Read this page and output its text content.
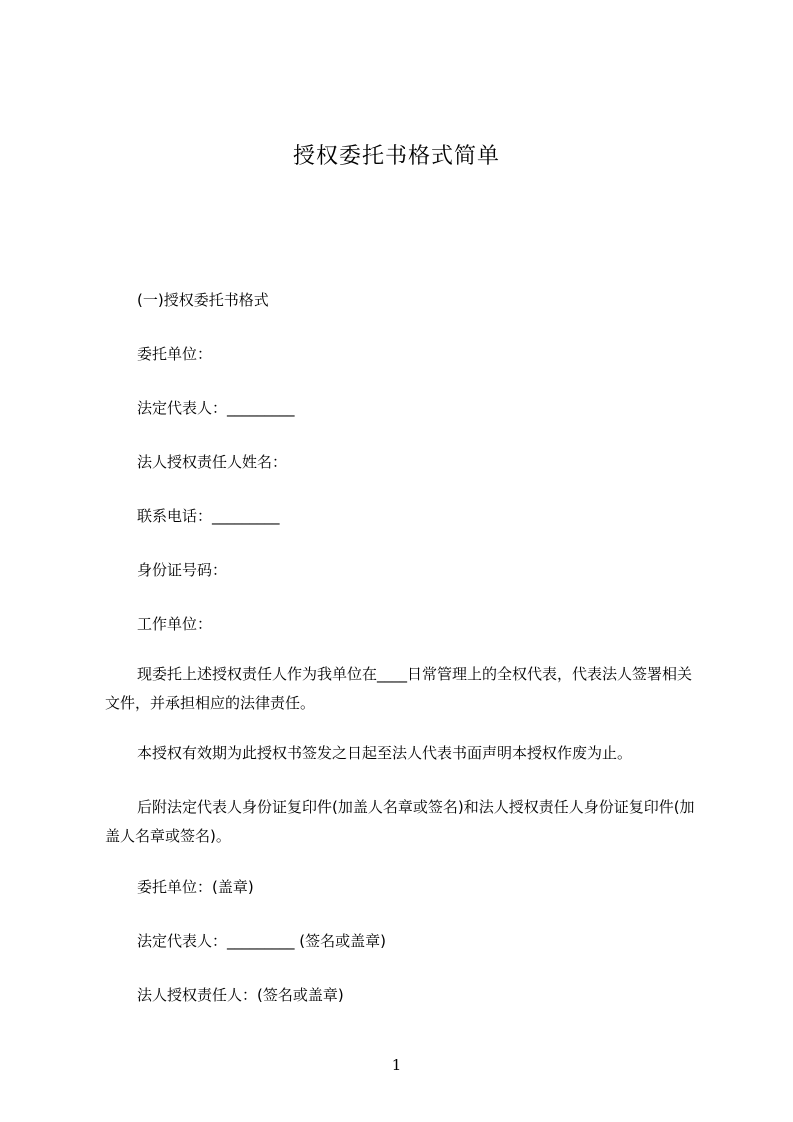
授权委托书格式简单
(一)授权委托书格式
委托单位：
法定代表人：_________
法人授权责任人姓名：
联系电话：_________
身份证号码：
工作单位：
现委托上述授权责任人作为我单位在____日常管理上的全权代表，代表法人签署相关文件，并承担相应的法律责任。
本授权有效期为此授权书签发之日起至法人代表书面声明本授权作废为止。
后附法定代表人身份证复印件(加盖人名章或签名)和法人授权责任人身份证复印件(加盖人名章或签名)。
委托单位：(盖章)
法定代表人：_________ (签名或盖章)
法人授权责任人：(签名或盖章)
1
